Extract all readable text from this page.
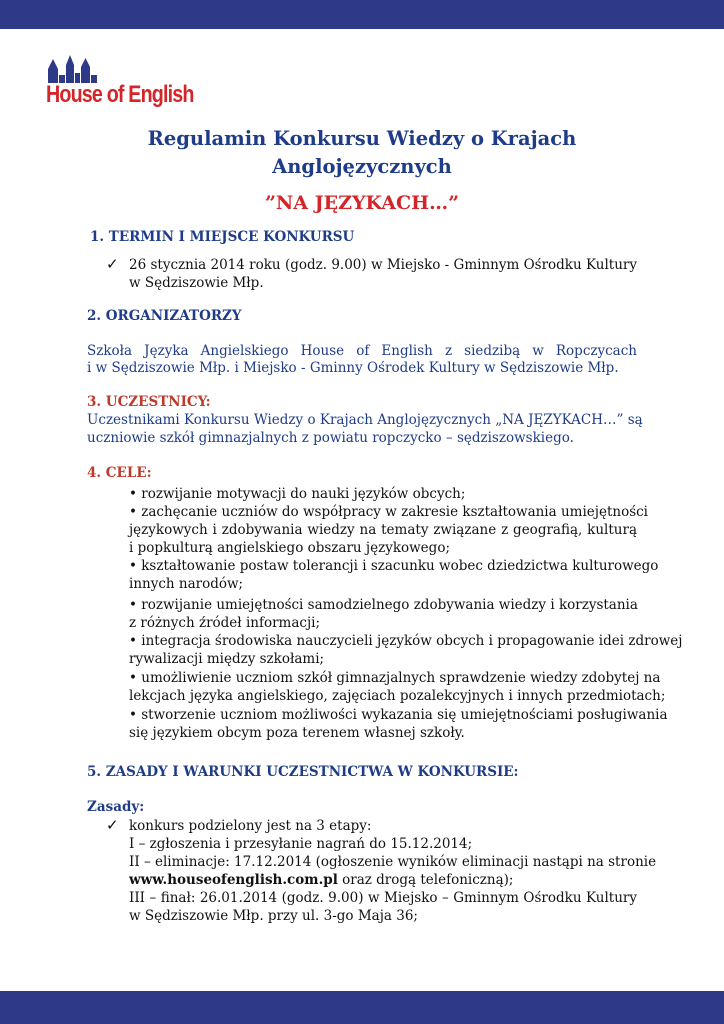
House of English
Regulamin Konkursu Wiedzy o Krajach
Anglojęzycznych
”NA JĘZYKACH…”
1. TERMIN I MIEJSCE KONKURSU
✓ 26 stycznia 2014 roku (godz. 9.00) w Miejsko - Gminnym Ośrodku Kultury
w Sędziszowie Młp.
2. ORGANIZATORZY
Szkoła Języka Angielskiego House of English z siedzibą w Ropczycach
i w Sędziszowie Młp. i Miejsko - Gminny Ośrodek Kultury w Sędziszowie Młp.
3. UCZESTNICY:
Uczestnikami Konkursu Wiedzy o Krajach Anglojęzycznych „NA JĘZYKACH…” są
uczniowie szkół gimnazjalnych z powiatu ropczycko – sędziszowskiego.
4. CELE:
• rozwijanie motywacji do nauki języków obcych;
• zachęcanie uczniów do współpracy w zakresie kształtowania umiejętności
językowych i zdobywania wiedzy na tematy związane z geografią, kulturą
i popkulturą angielskiego obszaru językowego;
• kształtowanie postaw tolerancji i szacunku wobec dziedzictwa kulturowego
innych narodów;
• rozwijanie umiejętności samodzielnego zdobywania wiedzy i korzystania
z różnych źródeł informacji;
• integracja środowiska nauczycieli języków obcych i propagowanie idei zdrowej
rywalizacji między szkołami;
• umożliwienie uczniom szkół gimnazjalnych sprawdzenie wiedzy zdobytej na
lekcjach języka angielskiego, zajęciach pozalekcyjnych i innych przedmiotach;
• stworzenie uczniom możliwości wykazania się umiejętnościami posługiwania
się językiem obcym poza terenem własnej szkoły.
5. ZASADY I WARUNKI UCZESTNICTWA W KONKURSIE:
Zasady:
✓ konkurs podzielony jest na 3 etapy:
I – zgłoszenia i przesyłanie nagrań do 15.12.2014;
II – eliminacje: 17.12.2014 (ogłoszenie wyników eliminacji nastąpi na stronie
www.houseofenglish.com.pl oraz drogą telefoniczną);
III – finał: 26.01.2014 (godz. 9.00) w Miejsko – Gminnym Ośrodku Kultury
w Sędziszowie Młp. przy ul. 3-go Maja 36;
